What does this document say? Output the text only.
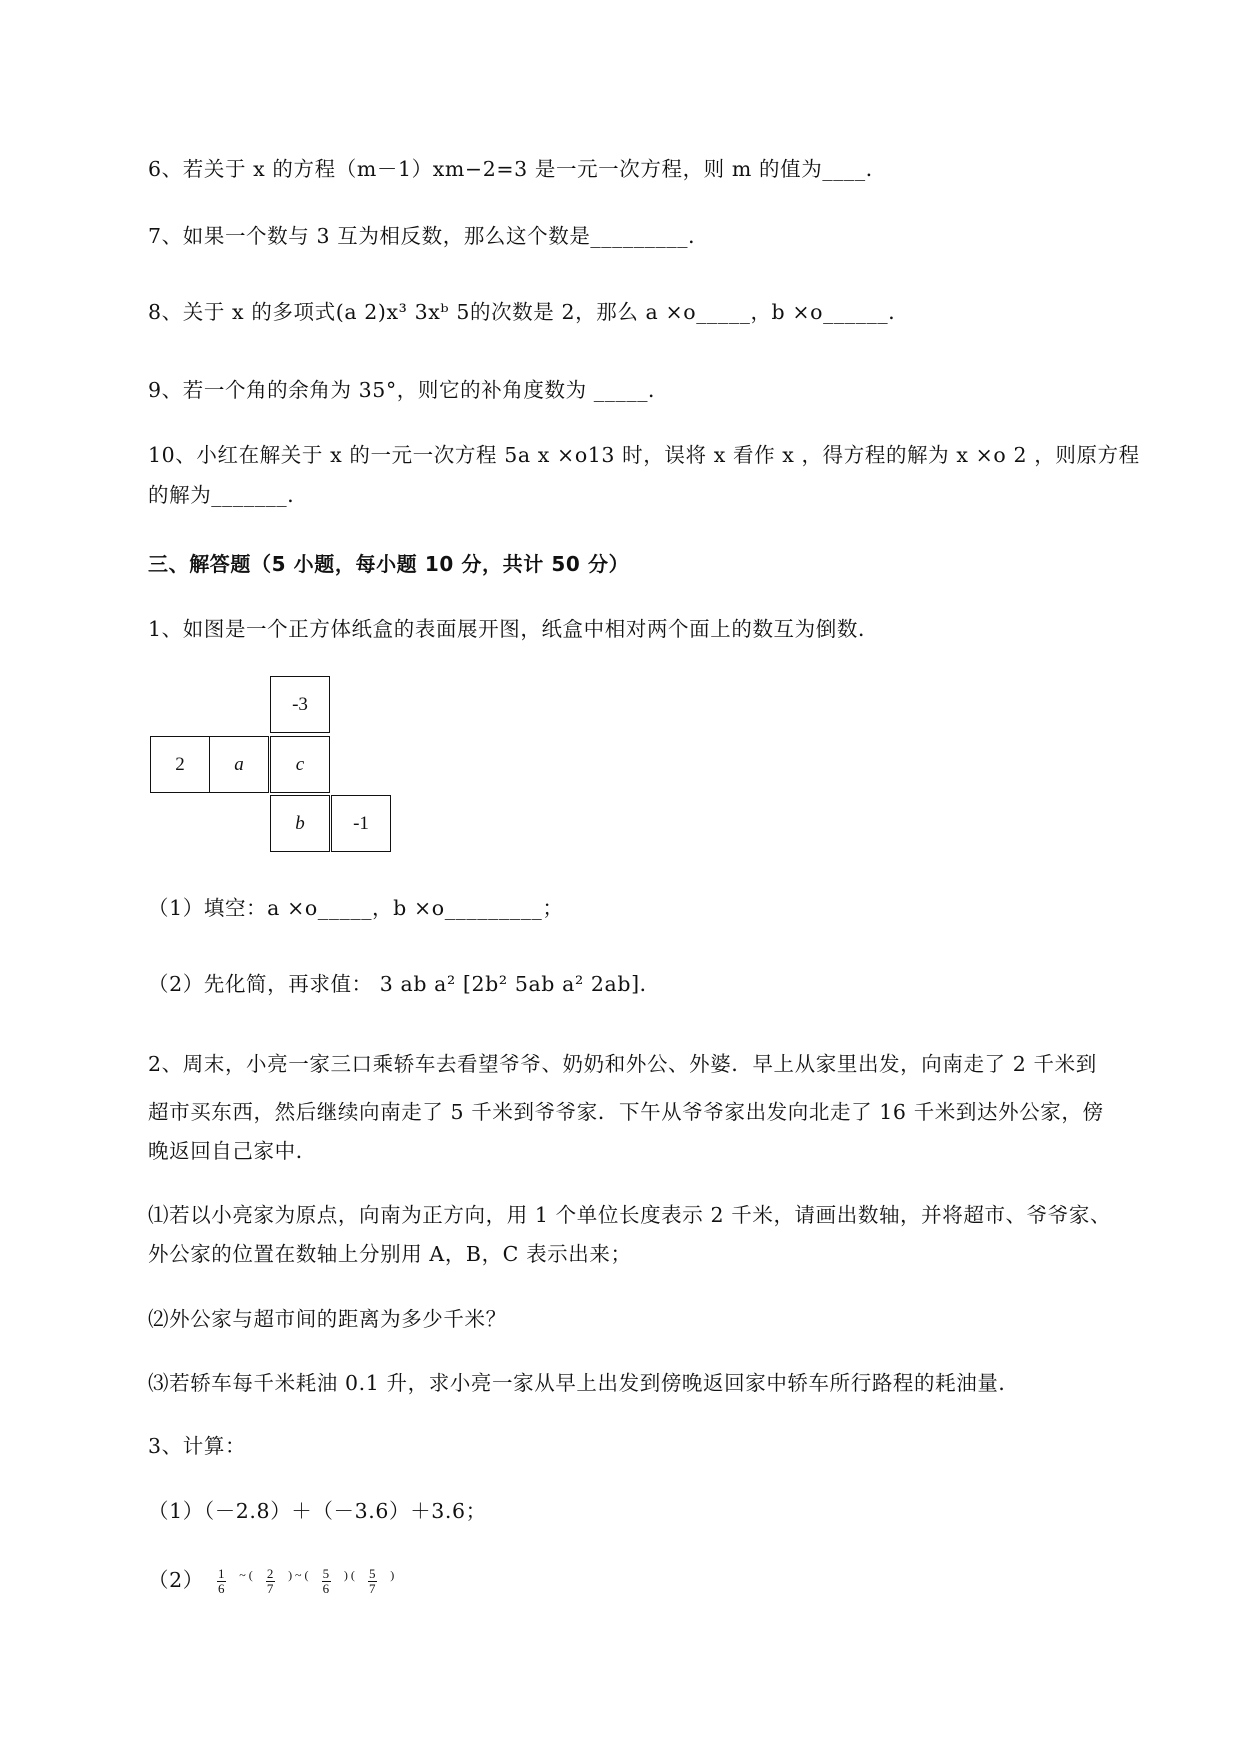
6、若关于 x 的方程（m－1）xm−2=3 是一元一次方程，则 m 的值为____．
7、如果一个数与 3 互为相反数，那么这个数是_________．
8、关于 x 的多项式(a 2)x³ 3xᵇ 5的次数是 2，那么 a ×o_____，b ×o______．
9、若一个角的余角为 35°，则它的补角度数为 _____．
10、小红在解关于 x 的一元一次方程 5a x ×o13 时，误将 x 看作 x ，得方程的解为 x ×o 2 ，则原方程
的解为_______．
三、解答题（5 小题，每小题 10 分，共计 50 分）
1、如图是一个正方体纸盒的表面展开图，纸盒中相对两个面上的数互为倒数．
-3
2	a	c
b	-1
（1）填空：a ×o_____，b ×o_________；
（2）先化简，再求值： 3 ab a² [2b² 5ab a² 2ab]．
2、周末，小亮一家三口乘轿车去看望爷爷、奶奶和外公、外婆．早上从家里出发，向南走了 2 千米到
超市买东西，然后继续向南走了 5 千米到爷爷家．下午从爷爷家出发向北走了 16 千米到达外公家，傍
晚返回自己家中．
⑴若以小亮家为原点，向南为正方向，用 1 个单位长度表示 2 千米，请画出数轴，并将超市、爷爷家、
外公家的位置在数轴上分别用 A，B，C 表示出来；
⑵外公家与超市间的距离为多少千米？
⑶若轿车每千米耗油 0.1 升，求小亮一家从早上出发到傍晚返回家中轿车所行路程的耗油量．
3、计算：
（1）（－2.8）＋（－3.6）＋3.6；
$(2) \frac{1}{6} ^{\sim (} \frac{2}{7} ^{) \sim (} \frac{5}{6} ^{) (} \frac{5}{7} ^)$
